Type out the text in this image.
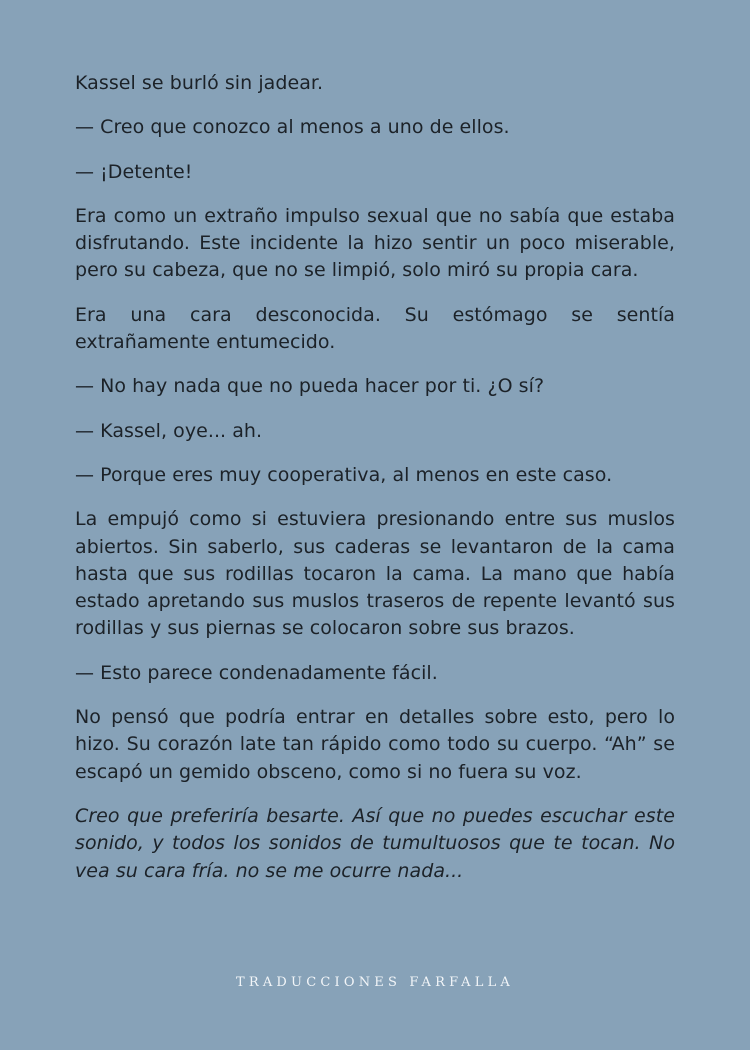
Kassel se burló sin jadear.

— Creo que conozco al menos a uno de ellos.

— ¡Detente!

Era como un extraño impulso sexual que no sabía que estaba disfrutando. Este incidente la hizo sentir un poco miserable, pero su cabeza, que no se limpió, solo miró su propia cara.

Era una cara desconocida. Su estómago se sentía extrañamente entumecido.

— No hay nada que no pueda hacer por ti. ¿O sí?

— Kassel, oye... ah.

— Porque eres muy cooperativa, al menos en este caso.

La empujó como si estuviera presionando entre sus muslos abiertos. Sin saberlo, sus caderas se levantaron de la cama hasta que sus rodillas tocaron la cama. La mano que había estado apretando sus muslos traseros de repente levantó sus rodillas y sus piernas se colocaron sobre sus brazos.

— Esto parece condenadamente fácil.

No pensó que podría entrar en detalles sobre esto, pero lo hizo. Su corazón late tan rápido como todo su cuerpo. “Ah” se escapó un gemido obsceno, como si no fuera su voz.

Creo que preferiría besarte. Así que no puedes escuchar este sonido, y todos los sonidos de tumultuosos que te tocan. No vea su cara fría. no se me ocurre nada...

TRADUCCIONES FARFALLA
